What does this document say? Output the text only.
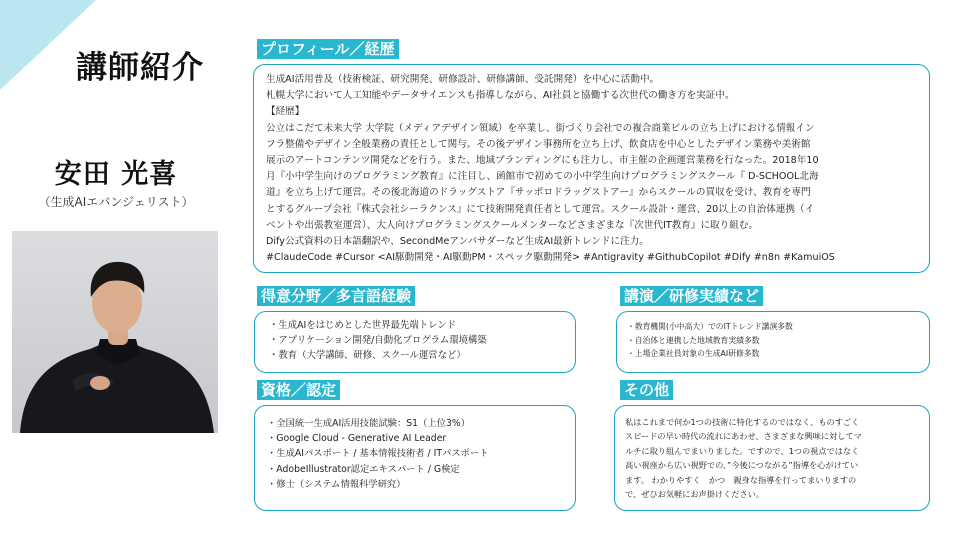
講師紹介
安田 光喜
（生成AIエバンジェリスト）
プロフィール／経歴
生成AI活用普及（技術検証、研究開発、研修設計、研修講師、受託開発）を中心に活動中。
札幌大学において人工知能やデータサイエンスも指導しながら、AI社員と協働する次世代の働き方を実証中。
【経歴】
公立はこだて未来大学 大学院（メディアデザイン領域）を卒業し、街づくり会社での複合商業ビルの立ち上げにおける情報イン
フラ整備やデザイン全般業務の責任として関与。その後デザイン事務所を立ち上げ、飲食店を中心としたデザイン業務や美術館
展示のアートコンテンツ開発などを行う。また、地域ブランディングにも注力し、市主催の企画運営業務を行なった。2018年10
月『小中学生向けのプログラミング教育』に注目し、函館市で初めての小中学生向けプログラミングスクール『 D-SCHOOL北海
道』を立ち上げて運営。その後北海道のドラッグストア『サッポロドラッグストアー』からスクールの買収を受け、教育を専門
とするグループ会社『株式会社シーラクンス』にて技術開発責任者として運営。スクール設計・運営、20以上の自治体連携（イ
ベントや出張教室運営）、大人向けプログラミングスクールメンターなどさまざまな『次世代IT教育』に取り組む。
Dify公式資料の日本語翻訳や、SecondMeアンバサダーなど生成AI最新トレンドに注力。
#ClaudeCode #Cursor <AI駆動開発・AI駆動PM・スペック駆動開発> #Antigravity #GithubCopilot #Dify #n8n #KamuiOS
得意分野／多言語経験
・生成AIをはじめとした世界最先端トレンド
・アプリケーション開発/自動化プログラム環境構築
・教育（大学講師、研修、スクール運営など）
講演／研修実績など
・教育機関(小中高大）でのITトレンド講演多数
・自治体と連携した地域教育実績多数
・上場企業社員対象の生成AI研修多数
資格／認定
・全国統一生成AI活用技能試験：S1（上位3%）
・Google Cloud - Generative AI Leader
・生成AIパスポート / 基本情報技術者 / ITパスポート
・AdobeIllustrator認定エキスパート / G検定
・修士（システム情報科学研究）
その他
私はこれまで何か1つの技術に特化するのではなく、ものすごく
スピードの早い時代の流れにあわせ、さまざまな興味に対してマ
ルチに取り組んでまいりました。ですので、1つの視点ではなく
高い視座から広い視野での、”今後につながる”指導を心がけてい
ます。 わかりやすく　かつ　親身な指導を行ってまいりますの
で、ぜひお気軽にお声掛けください。
